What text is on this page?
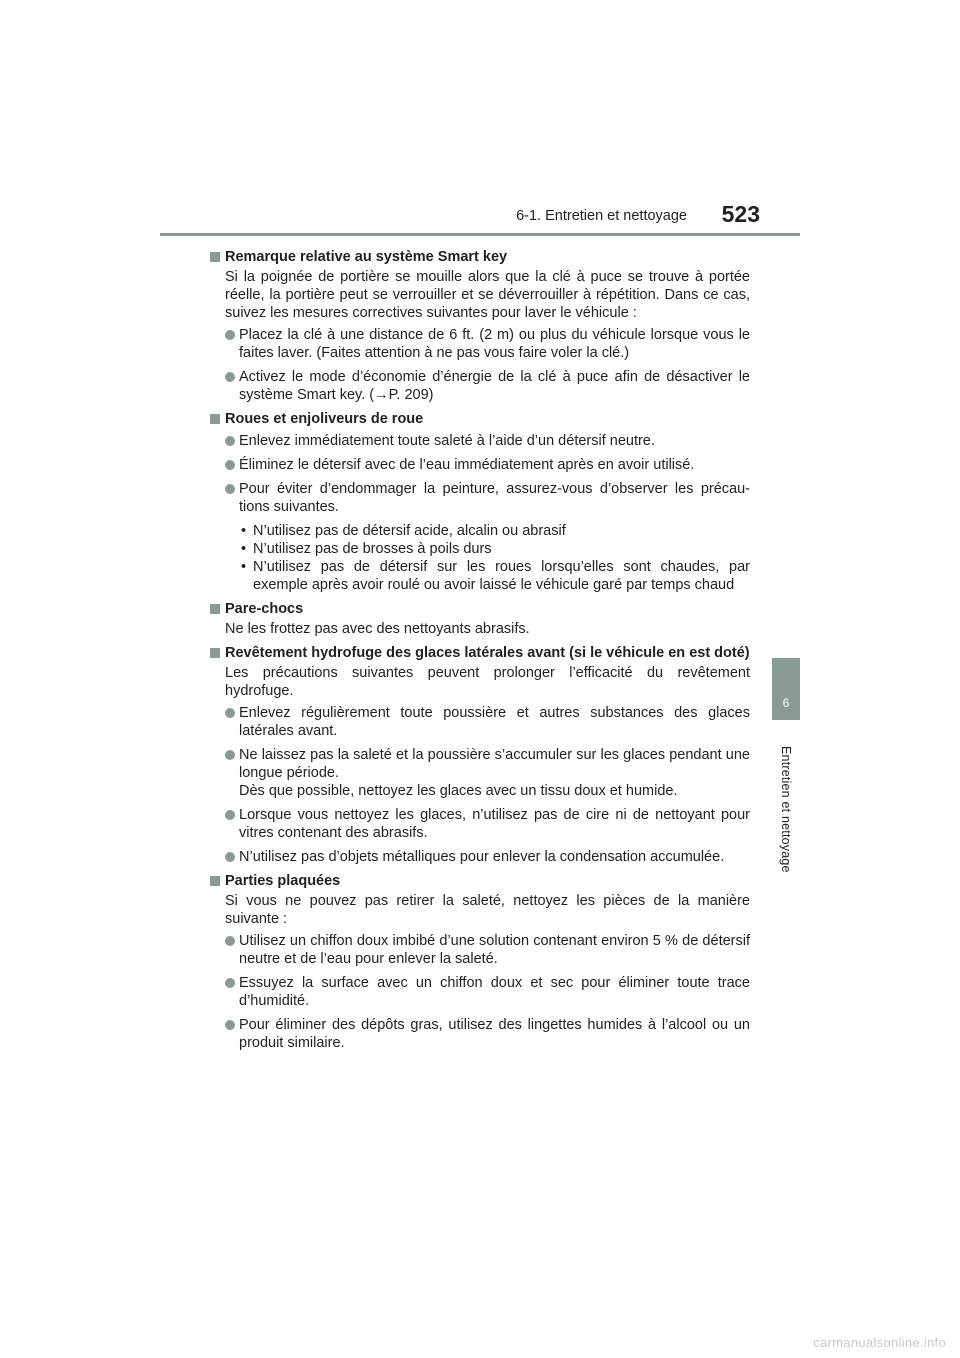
6-1. Entretien et nettoyage 523
6
Entretien et nettoyage
Remarque relative au système Smart key
Si la poignée de portière se mouille alors que la clé à puce se trouve à portée réelle, la portière peut se verrouiller et se déverrouiller à répétition. Dans ce cas, suivez les mesures correctives suivantes pour laver le véhicule :
Placez la clé à une distance de 6 ft. (2 m) ou plus du véhicule lorsque vous le faites laver. (Faites attention à ne pas vous faire voler la clé.)
Activez le mode d’économie d’énergie de la clé à puce afin de désactiver le système Smart key. (→P. 209)
Roues et enjoliveurs de roue
Enlevez immédiatement toute saleté à l’aide d’un détersif neutre.
Éliminez le détersif avec de l’eau immédiatement après en avoir utilisé.
Pour éviter d’endommager la peinture, assurez-vous d’observer les précau- tions suivantes.
• N’utilisez pas de détersif acide, alcalin ou abrasif
• N’utilisez pas de brosses à poils durs
• N’utilisez pas de détersif sur les roues lorsqu’elles sont chaudes, par exemple après avoir roulé ou avoir laissé le véhicule garé par temps chaud
Pare-chocs
Ne les frottez pas avec des nettoyants abrasifs.
Revêtement hydrofuge des glaces latérales avant (si le véhicule en est doté)
Les précautions suivantes peuvent prolonger l’efficacité du revêtement hydrofuge.
Enlevez régulièrement toute poussière et autres substances des glaces latérales avant.
Ne laissez pas la saleté et la poussière s’accumuler sur les glaces pendant une longue période.
Dès que possible, nettoyez les glaces avec un tissu doux et humide.
Lorsque vous nettoyez les glaces, n’utilisez pas de cire ni de nettoyant pour vitres contenant des abrasifs.
N’utilisez pas d’objets métalliques pour enlever la condensation accumulée.
Parties plaquées
Si vous ne pouvez pas retirer la saleté, nettoyez les pièces de la manière suivante :
Utilisez un chiffon doux imbibé d’une solution contenant environ 5 % de détersif neutre et de l’eau pour enlever la saleté.
Essuyez la surface avec un chiffon doux et sec pour éliminer toute trace d’humidité.
Pour éliminer des dépôts gras, utilisez des lingettes humides à l’alcool ou un produit similaire.
carmanualsonline.info
